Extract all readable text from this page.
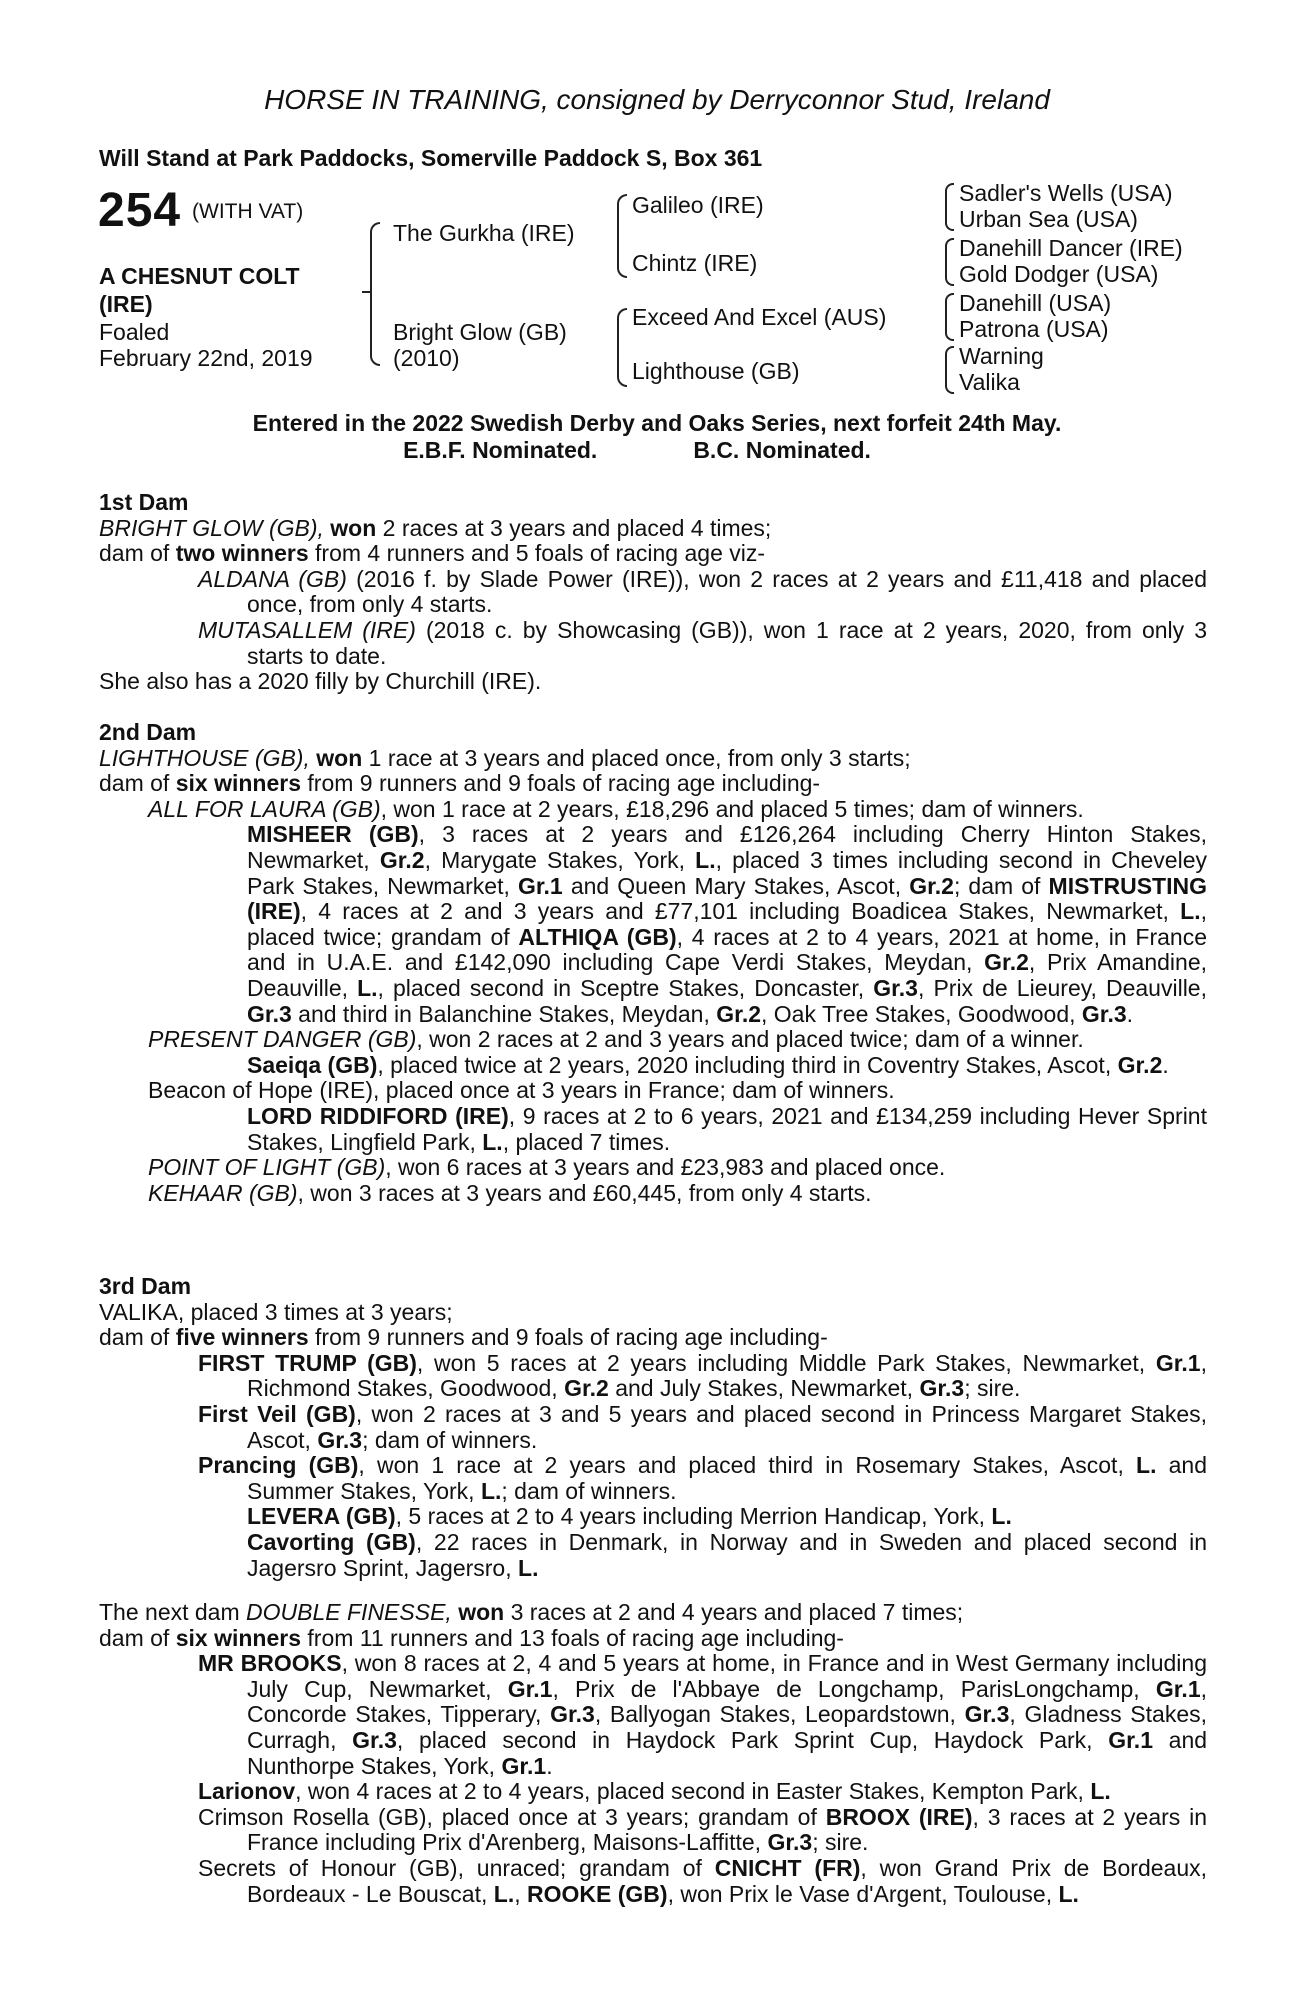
HORSE IN TRAINING, consigned by Derryconnor Stud, Ireland
Will Stand at Park Paddocks, Somerville Paddock S, Box 361
254 (WITH VAT)
A CHESNUT COLT
(IRE)
Foaled
February 22nd, 2019
The Gurkha (IRE)
Bright Glow (GB)
(2010)
Galileo (IRE)
Chintz (IRE)
Exceed And Excel (AUS)
Lighthouse (GB)
Sadler's Wells (USA)
Urban Sea (USA)
Danehill Dancer (IRE)
Gold Dodger (USA)
Danehill (USA)
Patrona (USA)
Warning
Valika
Entered in the 2022 Swedish Derby and Oaks Series, next forfeit 24th May.
E.B.F. Nominated.	B.C. Nominated.

1st Dam

BRIGHT GLOW (GB), won 2 races at 3 years and placed 4 times;

dam of two winners from 4 runners and 5 foals of racing age viz-

ALDANA (GB) (2016 f. by Slade Power (IRE)), won 2 races at 2 years and £11,418 and placed once, from only 4 starts.

MUTASALLEM (IRE) (2018 c. by Showcasing (GB)), won 1 race at 2 years, 2020, from only 3 starts to date.

She also has a 2020 filly by Churchill (IRE).

2nd Dam

LIGHTHOUSE (GB), won 1 race at 3 years and placed once, from only 3 starts;

dam of six winners from 9 runners and 9 foals of racing age including-

ALL FOR LAURA (GB), won 1 race at 2 years, £18,296 and placed 5 times; dam of winners.

MISHEER (GB), 3 races at 2 years and £126,264 including Cherry Hinton Stakes, Newmarket, Gr.2, Marygate Stakes, York, L., placed 3 times including second in Cheveley Park Stakes, Newmarket, Gr.1 and Queen Mary Stakes, Ascot, Gr.2; dam of MISTRUSTING (IRE), 4 races at 2 and 3 years and £77,101 including Boadicea Stakes, Newmarket, L., placed twice; grandam of ALTHIQA (GB), 4 races at 2 to 4 years, 2021 at home, in France and in U.A.E. and £142,090 including Cape Verdi Stakes, Meydan, Gr.2, Prix Amandine, Deauville, L., placed second in Sceptre Stakes, Doncaster, Gr.3, Prix de Lieurey, Deauville, Gr.3 and third in Balanchine Stakes, Meydan, Gr.2, Oak Tree Stakes, Goodwood, Gr.3.

PRESENT DANGER (GB), won 2 races at 2 and 3 years and placed twice; dam of a winner.

Saeiqa (GB), placed twice at 2 years, 2020 including third in Coventry Stakes, Ascot, Gr.2.

Beacon of Hope (IRE), placed once at 3 years in France; dam of winners.

LORD RIDDIFORD (IRE), 9 races at 2 to 6 years, 2021 and £134,259 including Hever Sprint Stakes, Lingfield Park, L., placed 7 times.

POINT OF LIGHT (GB), won 6 races at 3 years and £23,983 and placed once.

KEHAAR (GB), won 3 races at 3 years and £60,445, from only 4 starts.

3rd Dam

VALIKA, placed 3 times at 3 years;

dam of five winners from 9 runners and 9 foals of racing age including-

FIRST TRUMP (GB), won 5 races at 2 years including Middle Park Stakes, Newmarket, Gr.1, Richmond Stakes, Goodwood, Gr.2 and July Stakes, Newmarket, Gr.3; sire.

First Veil (GB), won 2 races at 3 and 5 years and placed second in Princess Margaret Stakes, Ascot, Gr.3; dam of winners.

Prancing (GB), won 1 race at 2 years and placed third in Rosemary Stakes, Ascot, L. and Summer Stakes, York, L.; dam of winners.

LEVERA (GB), 5 races at 2 to 4 years including Merrion Handicap, York, L.

Cavorting (GB), 22 races in Denmark, in Norway and in Sweden and placed second in Jagersro Sprint, Jagersro, L.

The next dam DOUBLE FINESSE, won 3 races at 2 and 4 years and placed 7 times;

dam of six winners from 11 runners and 13 foals of racing age including-

MR BROOKS, won 8 races at 2, 4 and 5 years at home, in France and in West Germany including July Cup, Newmarket, Gr.1, Prix de l'Abbaye de Longchamp, ParisLongchamp, Gr.1, Concorde Stakes, Tipperary, Gr.3, Ballyogan Stakes, Leopardstown, Gr.3, Gladness Stakes, Curragh, Gr.3, placed second in Haydock Park Sprint Cup, Haydock Park, Gr.1 and Nunthorpe Stakes, York, Gr.1.

Larionov, won 4 races at 2 to 4 years, placed second in Easter Stakes, Kempton Park, L.

Crimson Rosella (GB), placed once at 3 years; grandam of BROOX (IRE), 3 races at 2 years in France including Prix d'Arenberg, Maisons-Laffitte, Gr.3; sire.

Secrets of Honour (GB), unraced; grandam of CNICHT (FR), won Grand Prix de Bordeaux, Bordeaux - Le Bouscat, L., ROOKE (GB), won Prix le Vase d'Argent, Toulouse, L.
